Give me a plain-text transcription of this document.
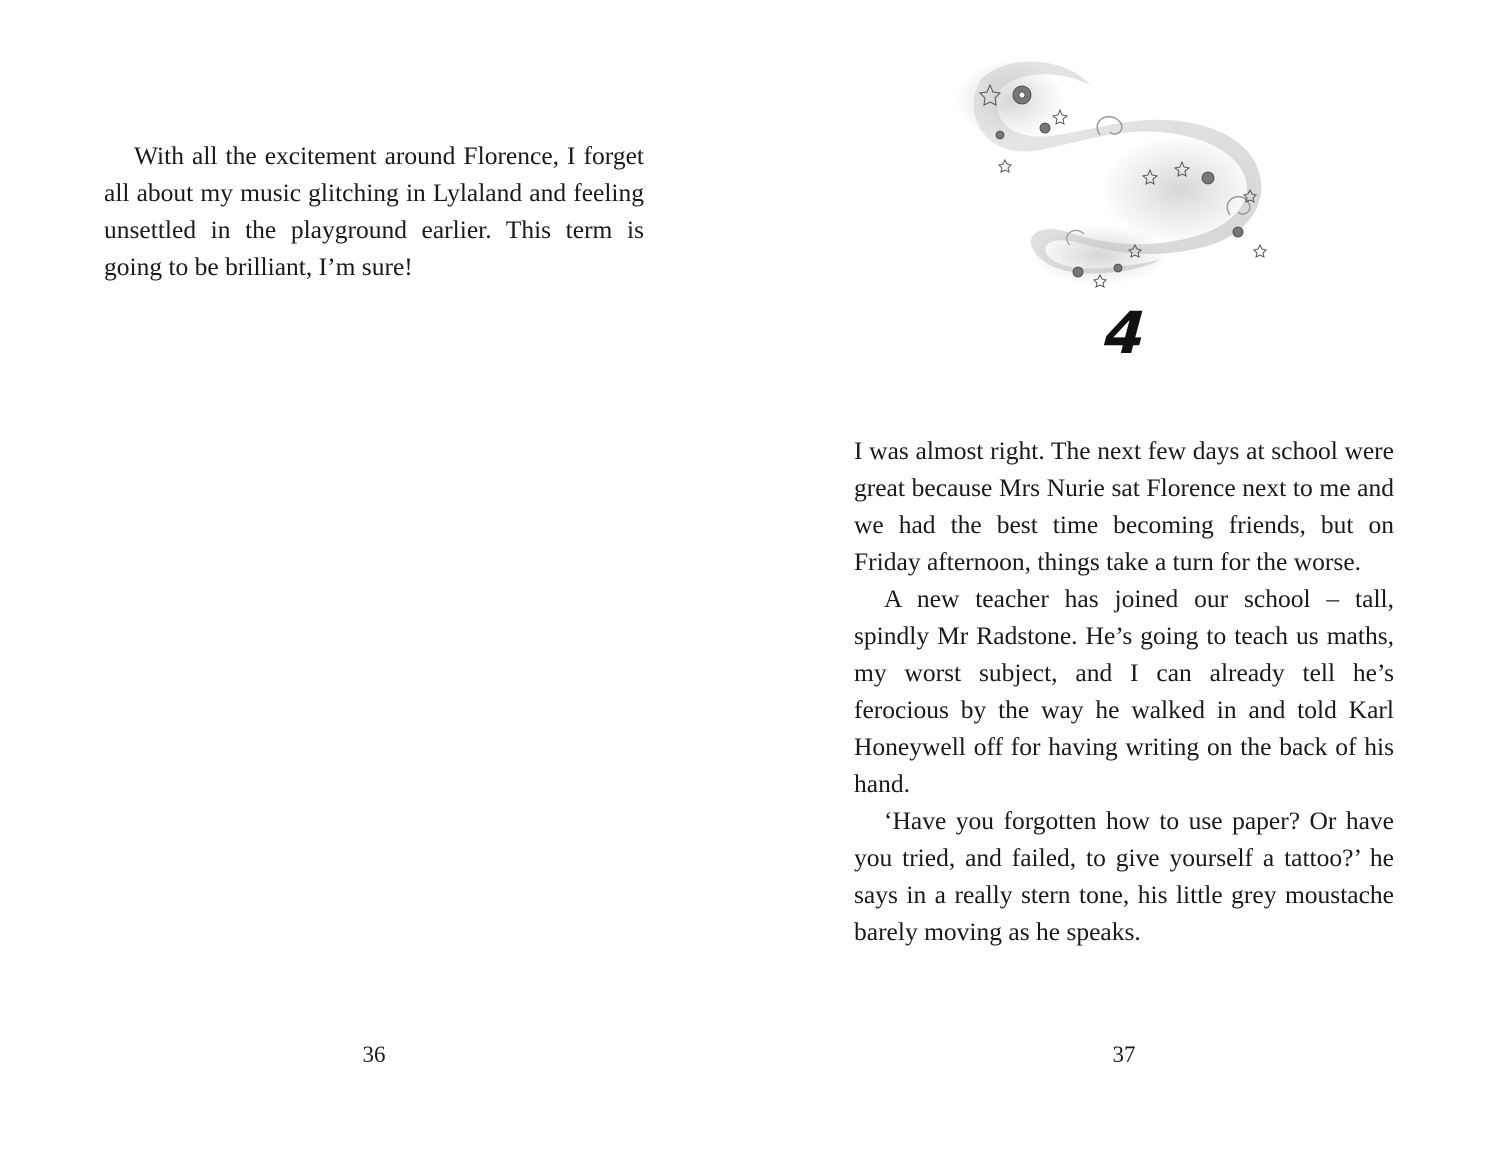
With all the excitement around Florence, I forget all about my music glitching in Lylaland and feeling unsettled in the playground earlier. This term is going to be brilliant, I’m sure!

36
4

I was almost right. The next few days at school were great because Mrs Nurie sat Florence next to me and we had the best time becoming friends, but on Friday afternoon, things take a turn for the worse.

A new teacher has joined our school – tall, spindly Mr Radstone. He’s going to teach us maths, my worst subject, and I can already tell he’s ferocious by the way he walked in and told Karl Honeywell off for having writing on the back of his hand.

‘Have you forgotten how to use paper? Or have you tried, and failed, to give yourself a tattoo?’ he says in a really stern tone, his little grey moustache barely moving as he speaks.

37
